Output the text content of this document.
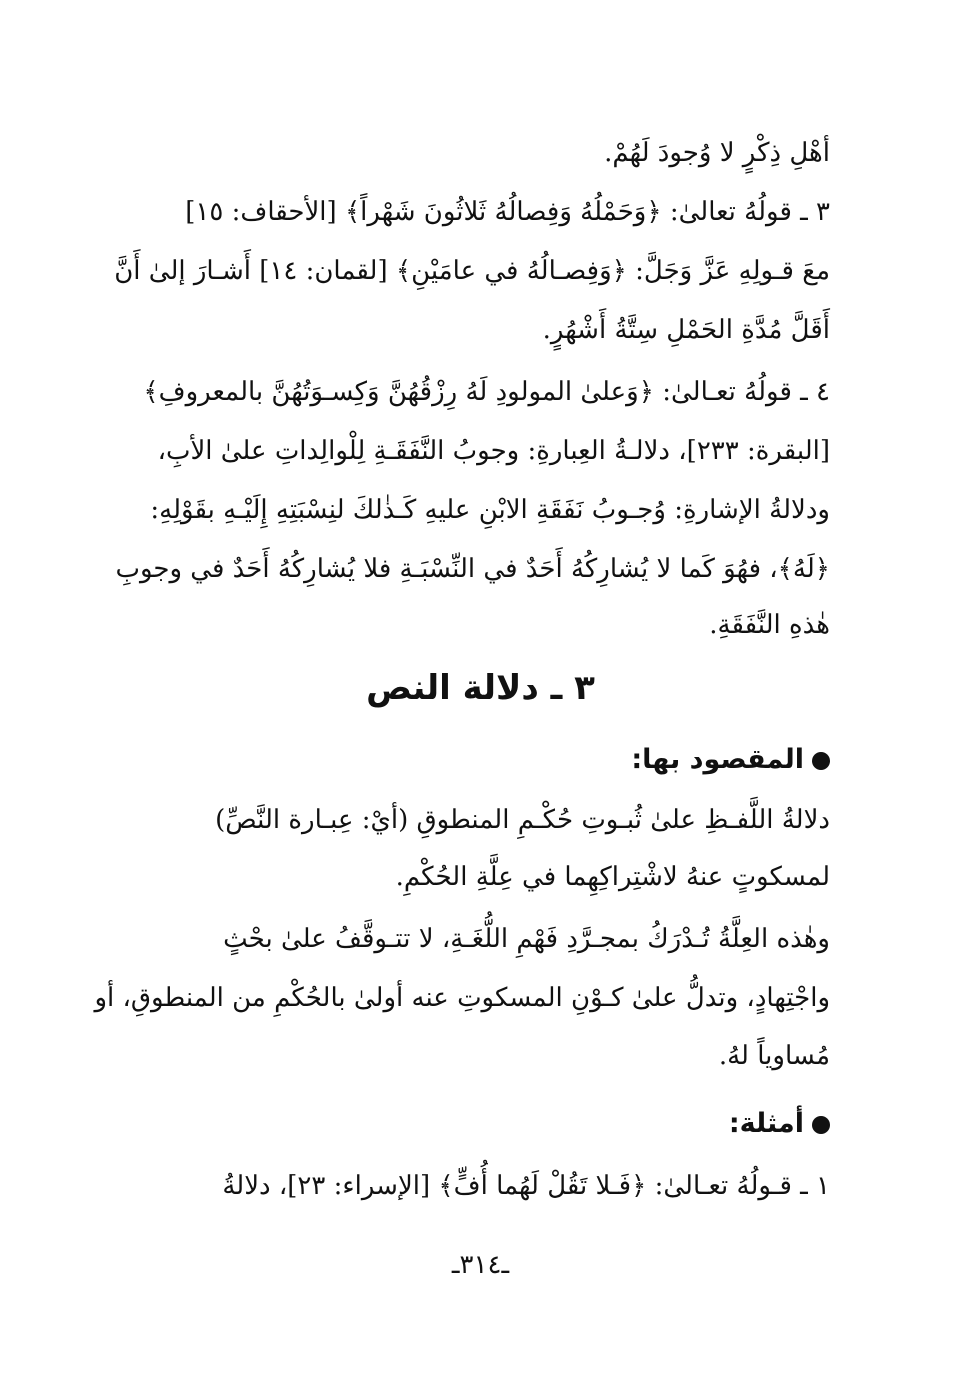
أهْلِ ذِكْرٍ لا وُجودَ لَهُمْ.
٣ ـ قولُهُ تعالىٰ: ﴿وَحَمْلُهُ وَفِصالُهُ ثَلاثُونَ شَهْراً﴾ [الأحقاف: ١٥]
معَ قـولِهِ عَزَّ وَجَلَّ: ﴿وَفِصـالُهُ في عامَيْنِ﴾ [لقمان: ١٤] أَشـارَ إلىٰ أَنَّ
أَقَلَّ مُدَّةِ الحَمْلِ سِتَّةُ أَشْهُرٍ.
٤ ـ قولُهُ تعـالىٰ: ﴿وَعلىٰ المولودِ لَهُ رِزْقُهُنَّ وَكِسـوَتُهُنَّ بالمعروفِ﴾
[البقرة: ٢٣٣]، دلالـةُ العِبارةِ: وجوبُ النَّفَقَـةِ لِلْوالِداتِ علىٰ الأبِ،
ودلالةُ الإشارةِ: وُجـوبُ نَفَقَةِ الابْنِ عليهِ كَـذٰلكَ لنِسْبَتِهِ إِلَيْـهِ بقَوْلِهِ:
﴿لَهُ﴾، فهُوَ كَما لا يُشارِكُهُ أَحَدٌ في النِّسْبَـةِ فلا يُشارِكُهُ أَحَدٌ في وجوبِ
هٰذهِ النَّفَقَةِ.
٣ ـ دلالة النص
المقصود بها:
دلالةُ اللَّفـظِ علىٰ ثُبـوتِ حُكْـمِ المنطوقِ (أيْ: عِبـارة النَّصِّ)
لمسكوتٍ عنهُ لاشْتِراكِهِما في عِلَّةِ الحُكْمِ.
وهٰذه العِلَّةُ تُـدْرَكُ بمجـرَّدِ فَهْمِ اللُّغَـةِ، لا تتـوقَّفُ علىٰ بحْثٍ
واجْتِهادٍ، وتدلُّ علىٰ كـوْنِ المسكوتِ عنه أولىٰ بالحُكْمِ من المنطوقِ، أو
مُساوياً لهُ.
أمثلة:
١ ـ قـولُهُ تعـالىٰ: ﴿فَـلا تَقُلْ لَهُما أُفٍّ﴾ [الإسراء: ٢٣]، دلالةُ
ـ٣١٤ـ
